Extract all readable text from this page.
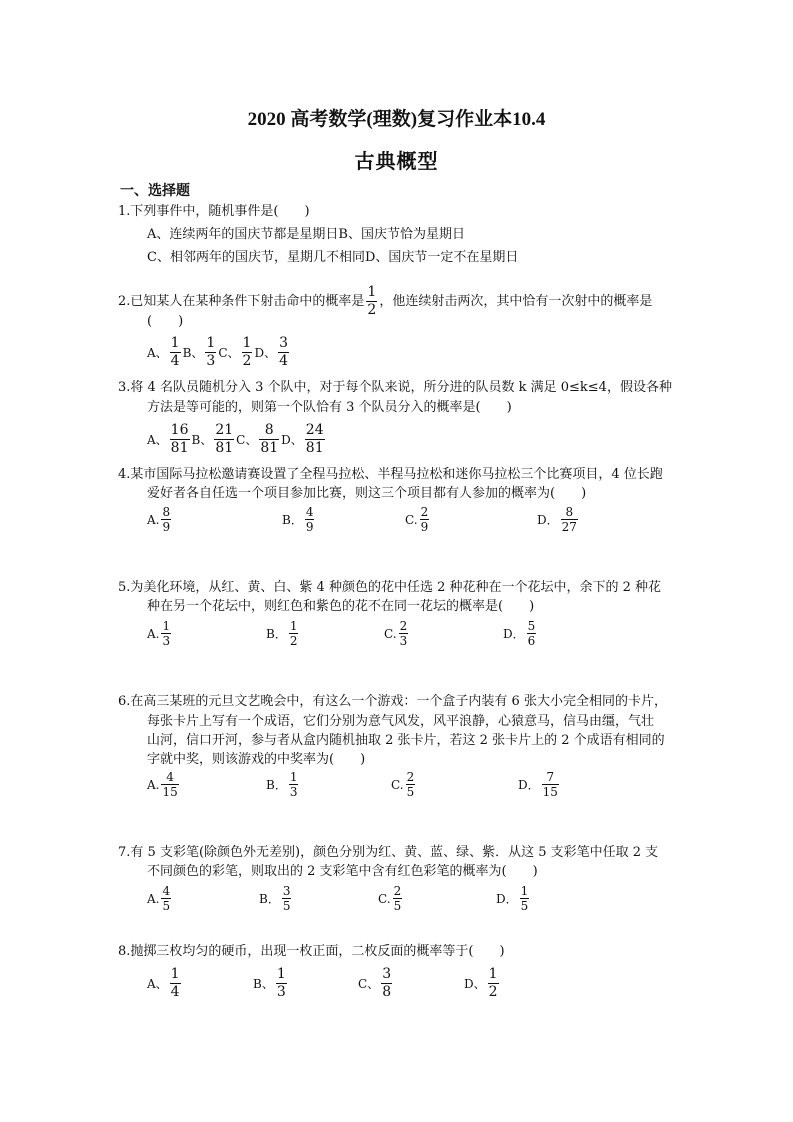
2020 高考数学(理数)复习作业本10.4
古典概型
一、选择题
1.下列事件中，随机事件是(　　)
A、连续两年的国庆节都是星期日B、国庆节恰为星期日
C、相邻两年的国庆节，星期几不相同D、国庆节一定不在星期日
2.已知某人在某种条件下射击命中的概率是 $\frac{1}{2}$ ，他连续射击两次，其中恰有一次射中的概率是
(　　)
A、 $\frac{1}{4}$ B、 $\frac{1}{3}$ C、 $\frac{1}{2}$ D、 $\frac{3}{4}$
3.将 4 名队员随机分入 3 个队中，对于每个队来说，所分进的队员数 k 满足 0≤k≤4，假设各种
方法是等可能的，则第一个队恰有 3 个队员分入的概率是(　　)
A、 $\frac{16}{81}$ B、 $\frac{21}{81}$ C、 $\frac{8}{81}$ D、 $\frac{24}{81}$
4.某市国际马拉松邀请赛设置了全程马拉松、半程马拉松和迷你马拉松三个比赛项目，4 位长跑
爱好者各自任选一个项目参加比赛，则这三个项目都有人参加的概率为(　　)
A. $\frac{8}{9}$	B． $\frac{4}{9}$	C. $\frac{2}{9}$	D． $\frac{8}{27}$
5.为美化环境，从红、黄、白、紫 4 种颜色的花中任选 2 种花种在一个花坛中，余下的 2 种花
种在另一个花坛中，则红色和紫色的花不在同一花坛的概率是(　　)
A. $\frac{1}{3}$	B． $\frac{1}{2}$	C. $\frac{2}{3}$	D． $\frac{5}{6}$
6.在高三某班的元旦文艺晚会中，有这么一个游戏：一个盒子内装有 6 张大小完全相同的卡片，
每张卡片上写有一个成语，它们分别为意气风发，风平浪静，心猿意马，信马由缰，气壮
山河，信口开河，参与者从盒内随机抽取 2 张卡片，若这 2 张卡片上的 2 个成语有相同的
字就中奖，则该游戏的中奖率为(　　)
A. $\frac{4}{15}$	B． $\frac{1}{3}$	C. $\frac{2}{5}$	D． $\frac{7}{15}$
7.有 5 支彩笔(除颜色外无差别)，颜色分别为红、黄、蓝、绿、紫．从这 5 支彩笔中任取 2 支
不同颜色的彩笔，则取出的 2 支彩笔中含有红色彩笔的概率为(　　)
A. $\frac{4}{5}$	B． $\frac{3}{5}$	C. $\frac{2}{5}$	D． $\frac{1}{5}$
8.抛掷三枚均匀的硬币，出现一枚正面，二枚反面的概率等于(　　)
A、 $\frac{1}{4}$	B、 $\frac{1}{3}$	C、 $\frac{3}{8}$	D、 $\frac{1}{2}$
